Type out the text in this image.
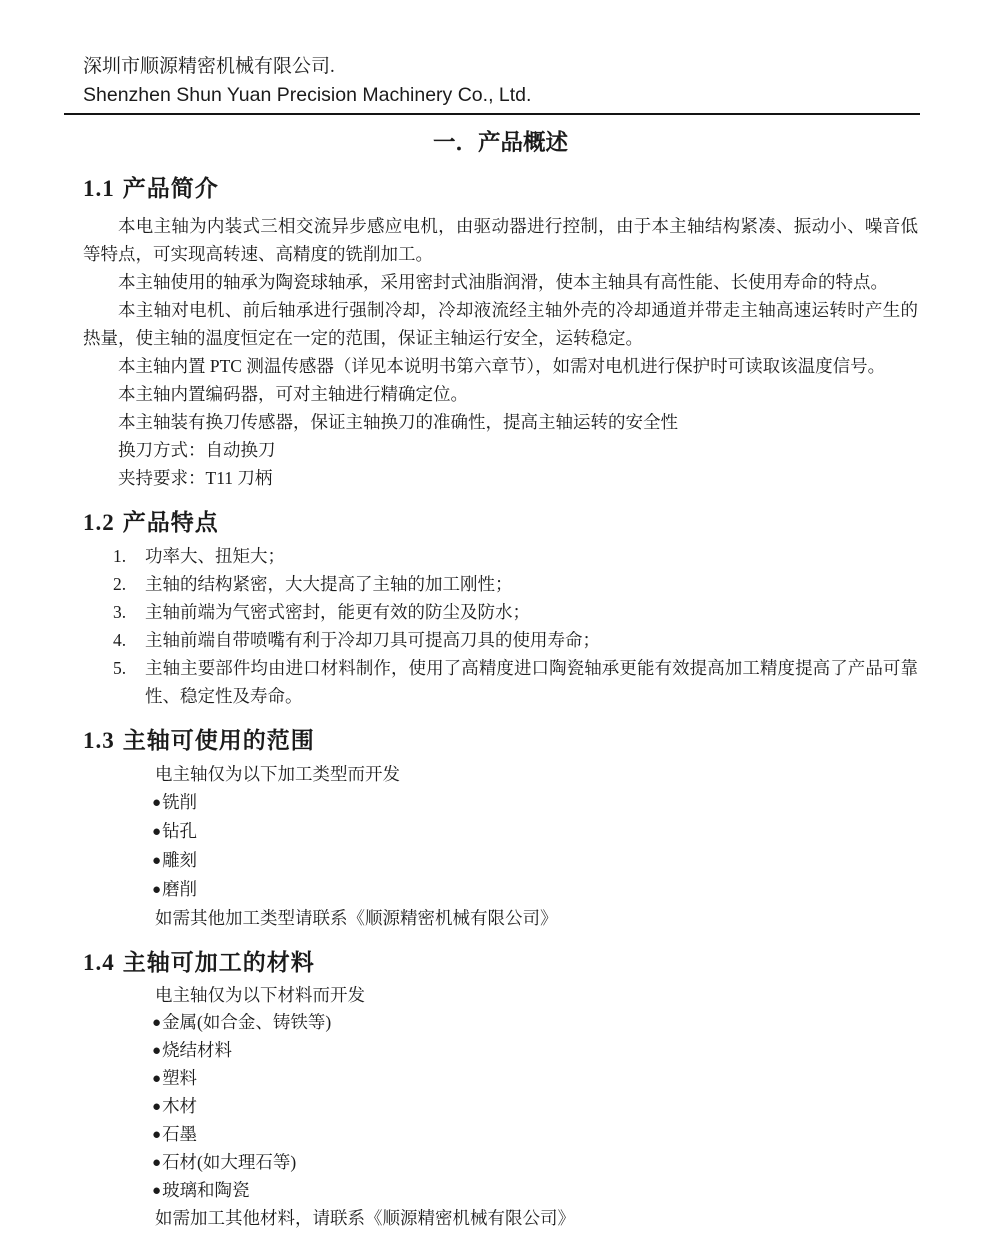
深圳市顺源精密机械有限公司.
Shenzhen Shun Yuan Precision Machinery Co., Ltd.
一．产品概述
1.1 产品简介

本电主轴为内装式三相交流异步感应电机，由驱动器进行控制，由于本主轴结构紧凑、振动小、噪音低等特点，可实现高转速、高精度的铣削加工。

本主轴使用的轴承为陶瓷球轴承，采用密封式油脂润滑，使本主轴具有高性能、长使用寿命的特点。

本主轴对电机、前后轴承进行强制冷却，冷却液流经主轴外壳的冷却通道并带走主轴高速运转时产生的热量，使主轴的温度恒定在一定的范围，保证主轴运行安全，运转稳定。

本主轴内置 PTC 测温传感器（详见本说明书第六章节），如需对电机进行保护时可读取该温度信号。

本主轴内置编码器，可对主轴进行精确定位。

本主轴装有换刀传感器，保证主轴换刀的准确性，提高主轴运转的安全性

换刀方式：自动换刀

夹持要求：T11 刀柄

1.2 产品特点
1. 功率大、扭矩大；
2. 主轴的结构紧密，大大提高了主轴的加工刚性；
3. 主轴前端为气密式密封，能更有效的防尘及防水；
4. 主轴前端自带喷嘴有利于冷却刀具可提高刀具的使用寿命；
5. 主轴主要部件均由进口材料制作，使用了高精度进口陶瓷轴承更能有效提高加工精度提高了产品可靠性、稳定性及寿命。
1.3 主轴可使用的范围
电主轴仅为以下加工类型而开发
●铣削
●钻孔
●雕刻
●磨削
如需其他加工类型请联系《顺源精密机械有限公司》
1.4 主轴可加工的材料
电主轴仅为以下材料而开发
●金属(如合金、铸铁等)
●烧结材料
●塑料
●木材
●石墨
●石材(如大理石等)
●玻璃和陶瓷
如需加工其他材料，请联系《顺源精密机械有限公司》
